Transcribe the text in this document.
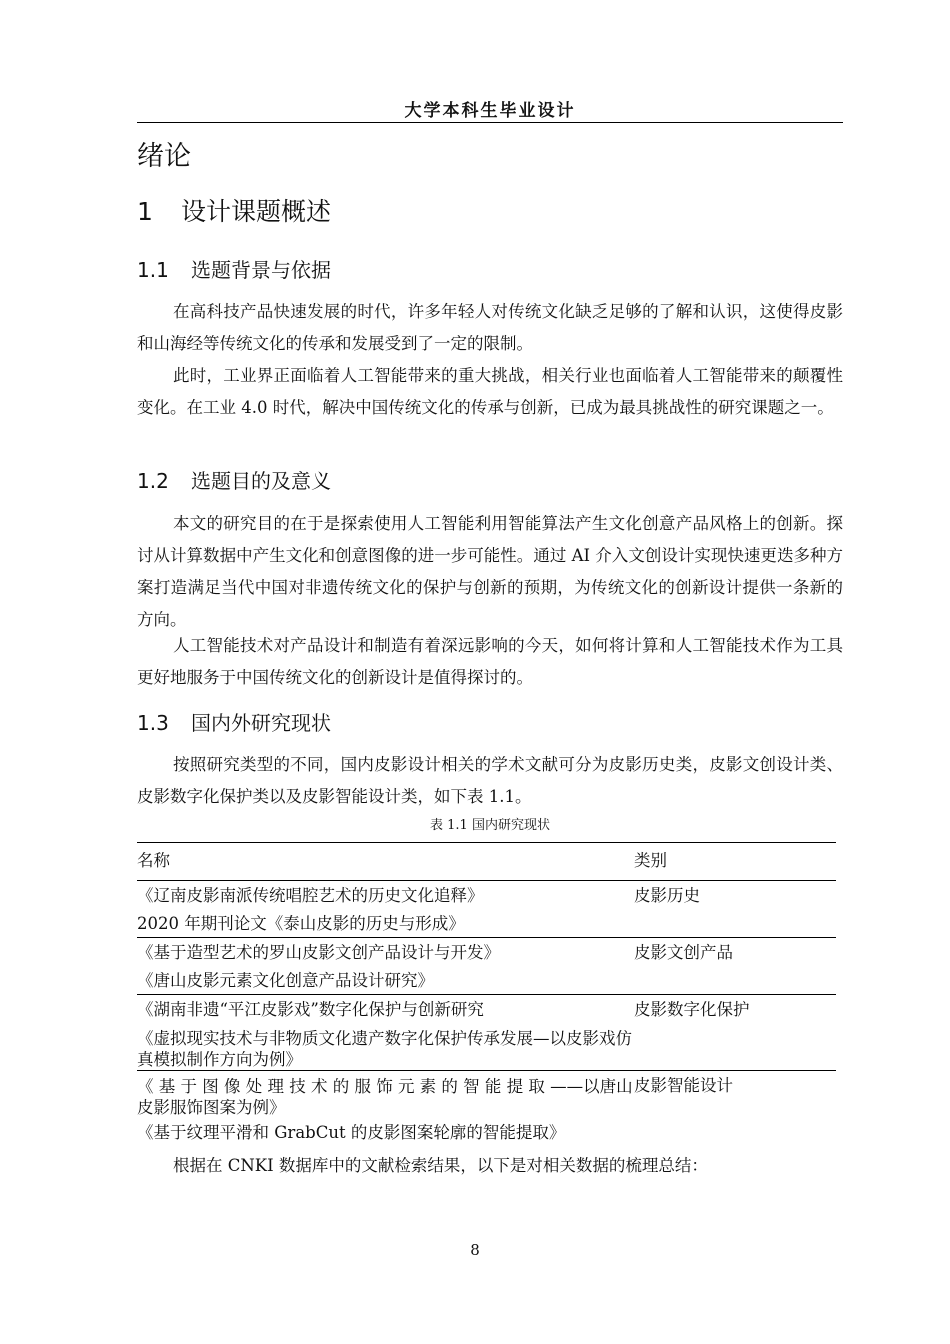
大学本科生毕业设计
绪论
1 设计课题概述
1.1 选题背景与依据

在高科技产品快速发展的时代，许多年轻人对传统文化缺乏足够的了解和认识，这使得皮影和山海经等传统文化的传承和发展受到了一定的限制。

此时，工业界正面临着人工智能带来的重大挑战，相关行业也面临着人工智能带来的颠覆性变化。在工业 4.0 时代，解决中国传统文化的传承与创新，已成为最具挑战性的研究课题之一。

1.2 选题目的及意义

本文的研究目的在于是探索使用人工智能利用智能算法产生文化创意产品风格上的创新。探讨从计算数据中产生文化和创意图像的进一步可能性。通过 AI 介入文创设计实现快速更迭多种方案打造满足当代中国对非遗传统文化的保护与创新的预期，为传统文化的创新设计提供一条新的方向。

人工智能技术对产品设计和制造有着深远影响的今天，如何将计算和人工智能技术作为工具更好地服务于中国传统文化的创新设计是值得探讨的。

1.3 国内外研究现状

按照研究类型的不同，国内皮影设计相关的学术文献可分为皮影历史类，皮影文创设计类、皮影数字化保护类以及皮影智能设计类，如下表 1.1。

表 1.1 国内研究现状
名称	类别
《辽南皮影南派传统唱腔艺术的历史文化追释》	皮影历史
2020 年期刊论文《泰山皮影的历史与形成》	
《基于造型艺术的罗山皮影文创产品设计与开发》	皮影文创产品
《唐山皮影元素文化创意产品设计研究》	
《湖南非遗“平江皮影戏”数字化保护与创新研究	皮影数字化保护

《虚拟现实技术与非物质文化遗产数字化保护传承发展—以皮影戏仿真模拟制作方向为例》	

《 基 于 图 像 处 理 技 术 的 服 饰 元 素 的 智 能 提 取 ——以唐山皮影服饰图案为例》	皮影智能设计
《基于纹理平滑和 GrabCut 的皮影图案轮廓的智能提取》	

根据在 CNKI 数据库中的文献检索结果，以下是对相关数据的梳理总结：

8
